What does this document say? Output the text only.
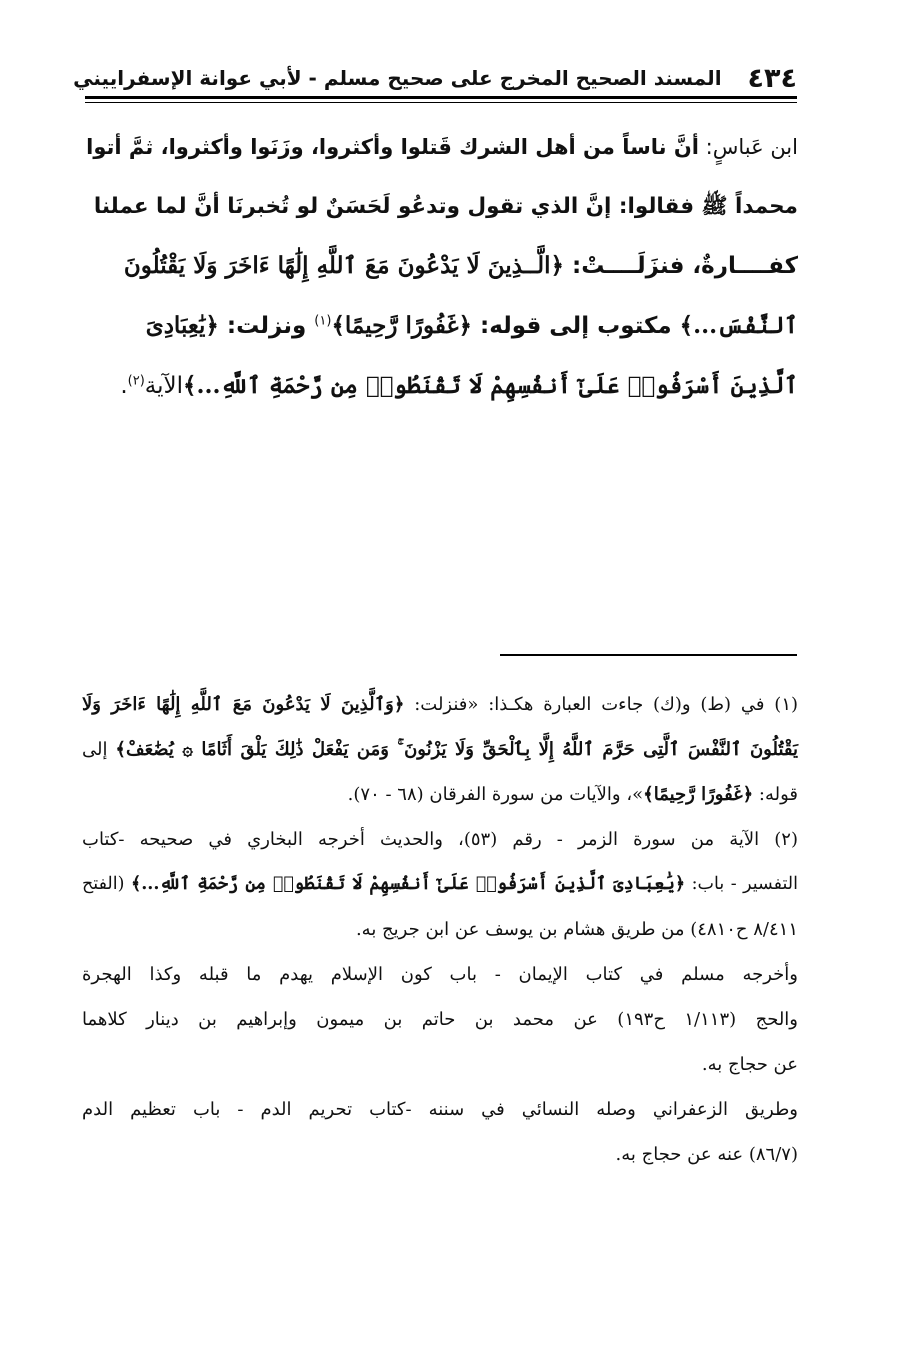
٤٣٤
المسند الصحيح المخرج على صحيح مسلم - لأبي عوانة الإسفراييني
ابن عَباسٍ: أنَّ ناساً من أهل الشرك قَتلوا وأكثروا، وزَنَوا وأكثروا، ثمَّ أتوا
محمداً ﷺ فقالوا: إنَّ الذي تقول وتدعُو لَحَسَنٌ لو تُخبرنَا أنَّ لما عملنا
كفــــارةٌ، فنزَلَــــتْ: ﴿الَّــذِينَ لَا يَدْعُونَ مَعَ ٱللَّهِ إِلَٰهًا ءَاخَرَ وَلَا يَقْتُلُونَ
ٱلنَّفْسَ...﴾ مكتوب إلى قوله: ﴿غَفُورًا رَّحِيمًا﴾$^{(١)}$ ونزلت: ﴿يَٰعِبَادِىَ
ٱلَّذِينَ أَسْرَفُوا۟ عَلَىٰٓ أَنفُسِهِمْ لَا تَقْنَطُوا۟ مِن رَّحْمَةِ ٱللَّهِ...﴾الآية$^{(٢)}$.
(١) في (ط) و(ك) جاءت العبارة هكـذا: «فنزلت: ﴿وَٱلَّذِينَ لَا يَدْعُونَ مَعَ ٱللَّهِ إِلَٰهًا ءَاخَرَ وَلَا
يَقْتُلُونَ ٱلنَّفْسَ ٱلَّتِى حَرَّمَ ٱللَّهُ إِلَّا بِٱلْحَقِّ وَلَا يَزْنُونَ ۚ وَمَن يَفْعَلْ ذَٰلِكَ يَلْقَ أَثَامًا ۞ يُضَٰعَفْ﴾ إلى
قوله: ﴿غَفُورًا رَّحِيمًا﴾»، والآيات من سورة الفرقان (٦٨ - ٧٠).
(٢) الآية من سورة الزمر - رقم (٥٣)، والحديث أخرجه البخاري في صحيحه -كتاب
التفسير - باب: ﴿يَٰعِبَادِىَ ٱلَّذِينَ أَسْرَفُوا۟ عَلَىٰٓ أَنفُسِهِمْ لَا تَقْنَطُوا۟ مِن رَّحْمَةِ ٱللَّهِ...﴾ (الفتح
٨/٤١١ ح٤٨١٠) من طريق هشام بن يوسف عن ابن جريج به.
وأخرجه مسلم في كتاب الإيمان - باب كون الإسلام يهدم ما قبله وكذا الهجرة
والحج (١/١١٣ ح١٩٣) عن محمد بن حاتم بن ميمون وإبراهيم بن دينار كلاهما
عن حجاج به.
وطريق الزعفراني وصله النسائي في سننه -كتاب تحريم الدم - باب تعظيم الدم
(٨٦/٧) عنه عن حجاج به.
